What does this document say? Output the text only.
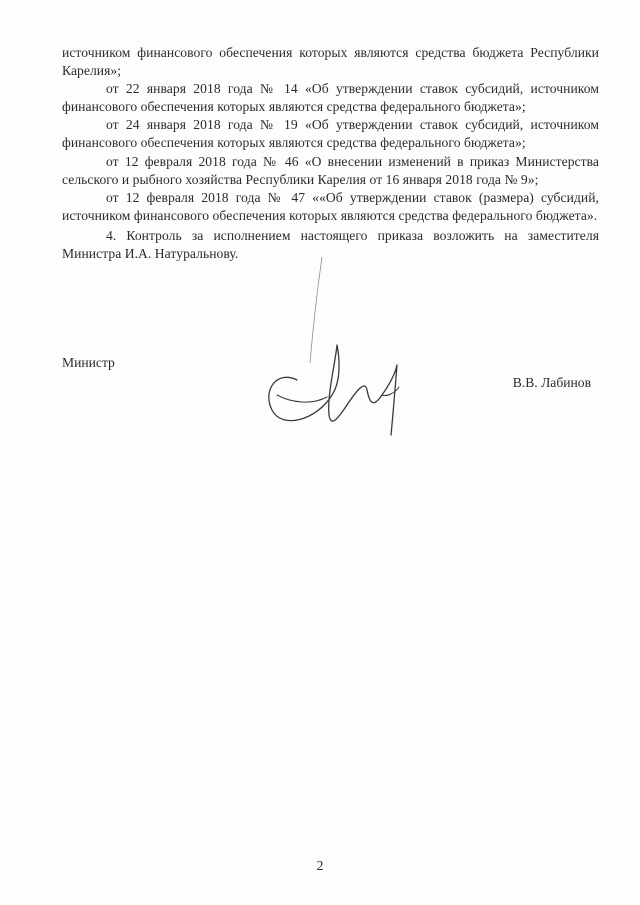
источником финансового обеспечения которых являются средства бюджета Республики Карелия»;

от 22 января 2018 года № 14 «Об утверждении ставок субсидий, источником финансового обеспечения которых являются средства федерального бюджета»;

от 24 января 2018 года № 19 «Об утверждении ставок субсидий, источником финансового обеспечения которых являются средства федерального бюджета»;

от 12 февраля 2018 года № 46 «О внесении изменений в приказ Министерства сельского и рыбного хозяйства Республики Карелия от 16 января 2018 года № 9»;

от 12 февраля 2018 года № 47 ««Об утверждении ставок (размера) субсидий, источником финансового обеспечения которых являются средства федерального бюджета».

4. Контроль за исполнением настоящего приказа возложить на заместителя Министра И.А. Натуральнову.

Министр
В.В. Лабинов
2
